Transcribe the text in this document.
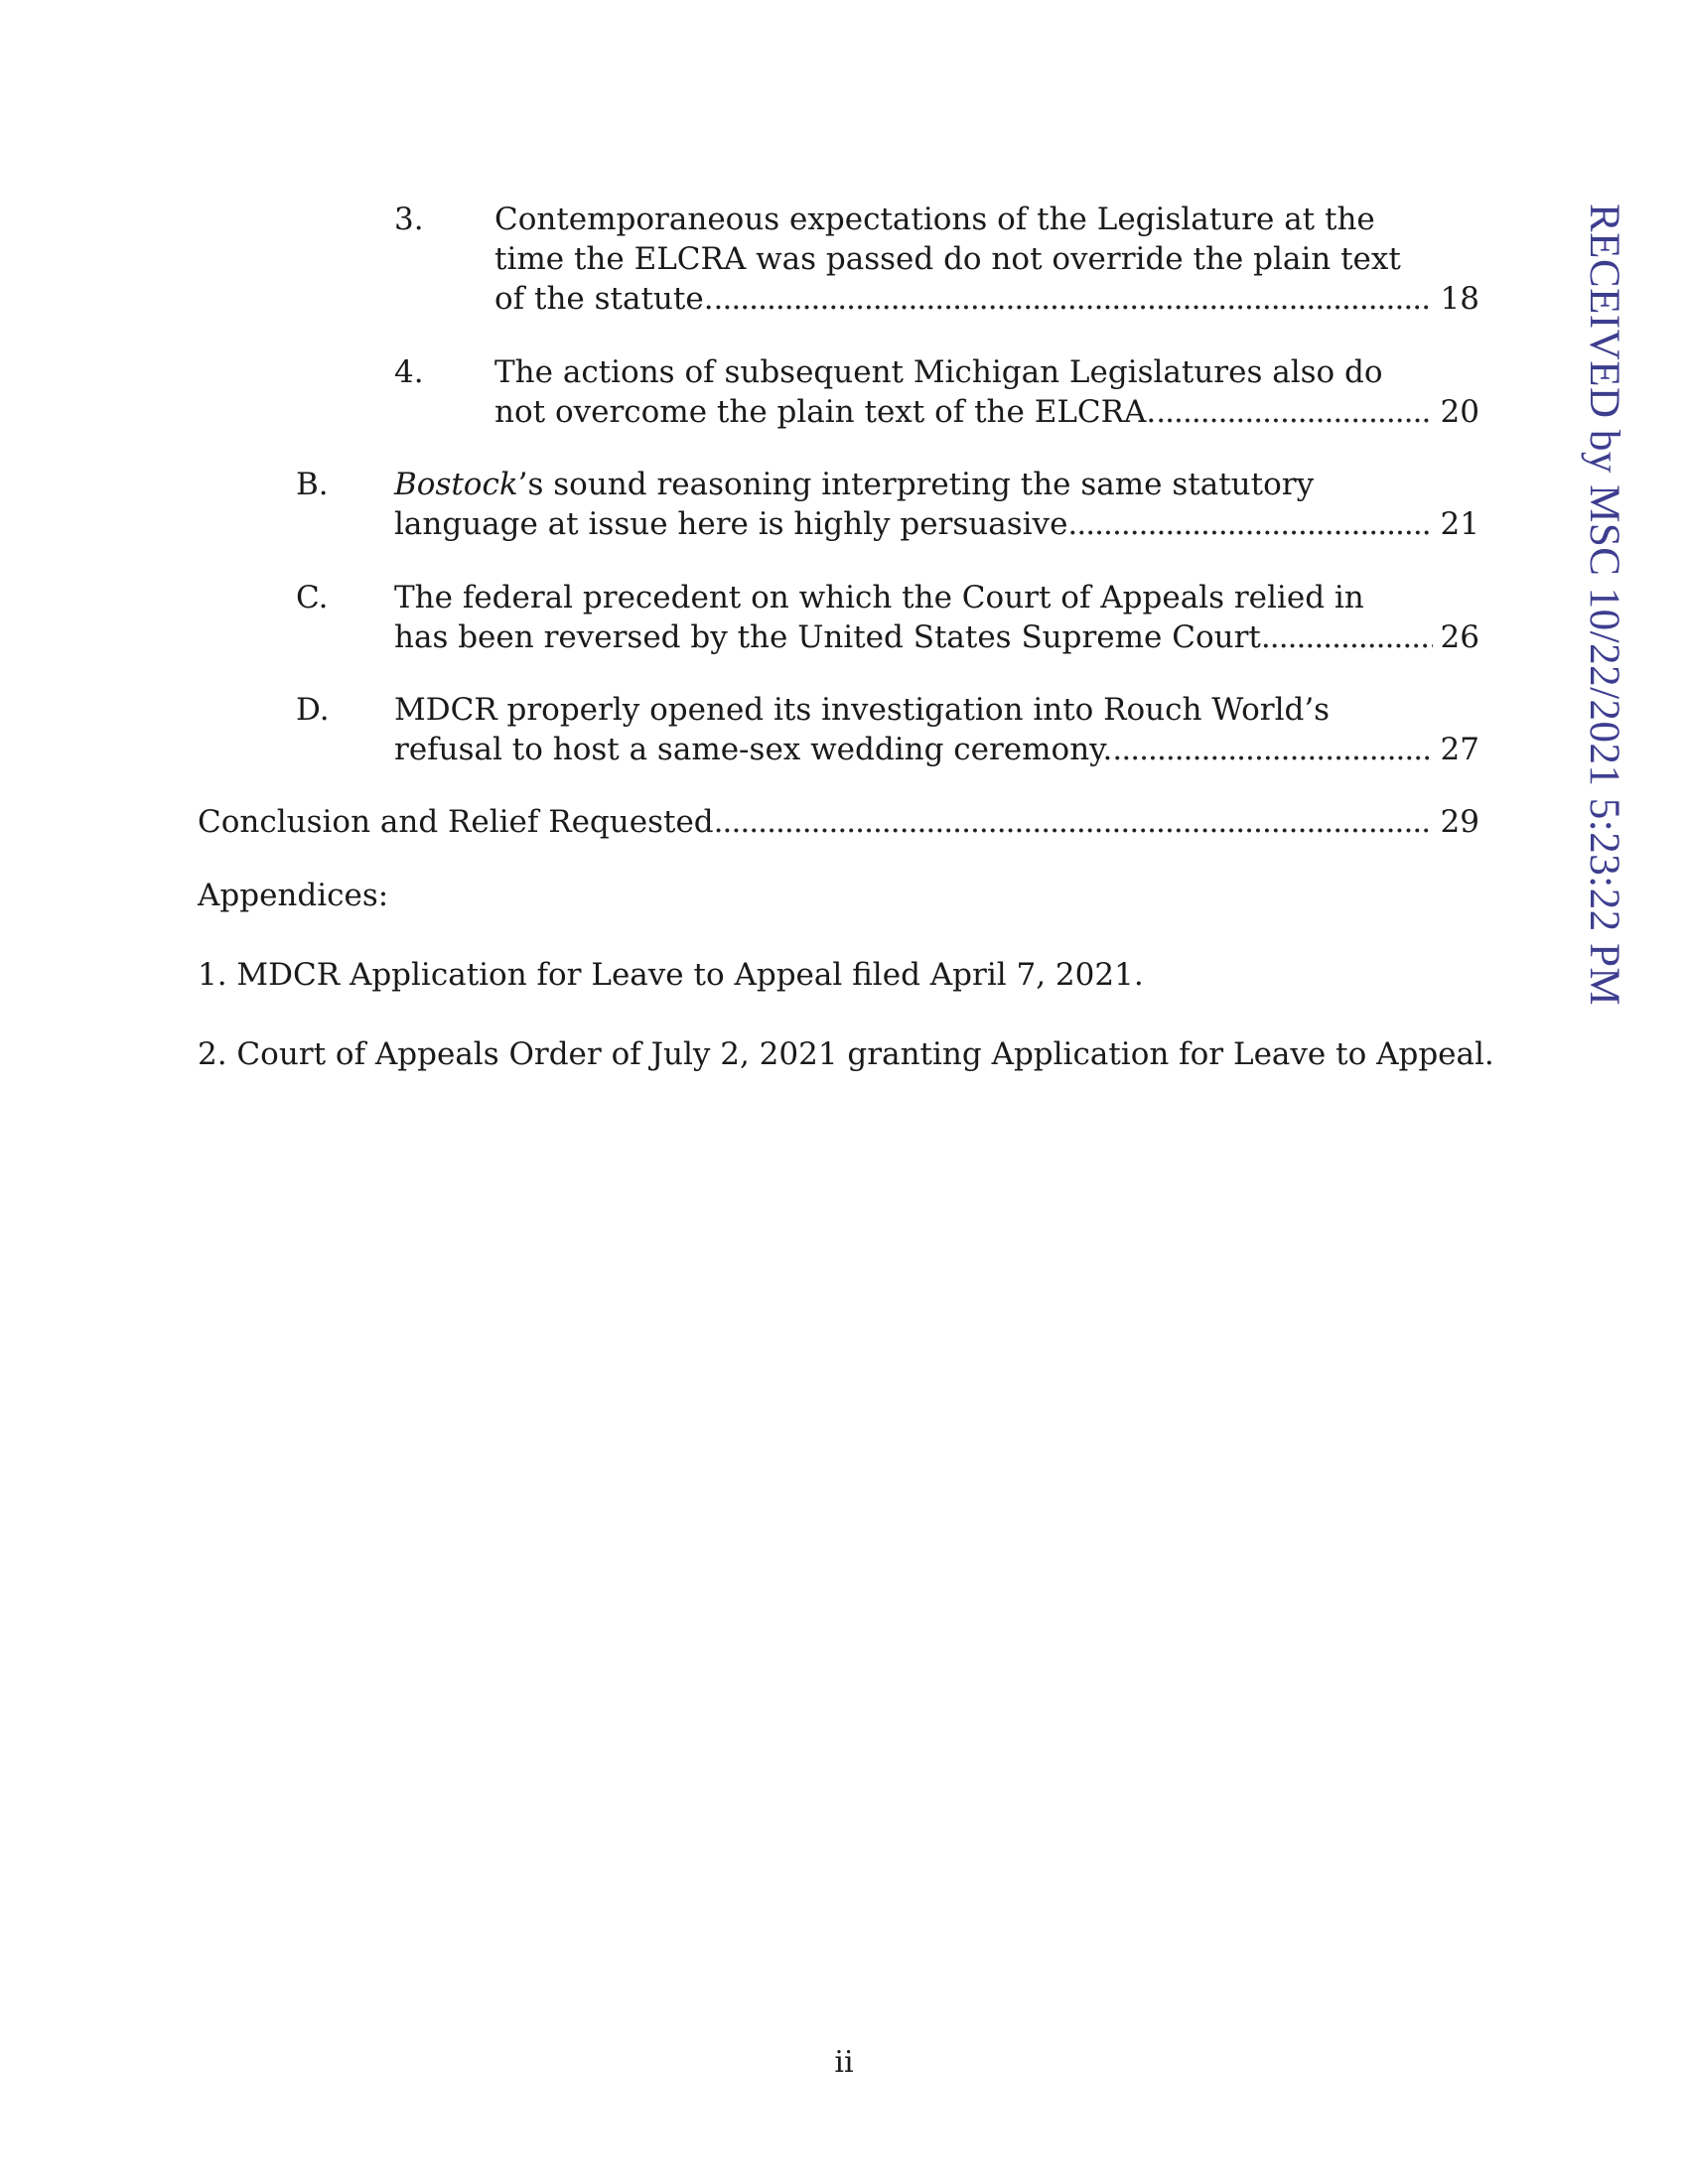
3. Contemporaneous expectations of the Legislature at the
time the ELCRA was passed do not override the plain text
of the statute. . . .	18
4. The actions of subsequent Michigan Legislatures also do
not overcome the plain text of the ELCRA. . . .	20
B. Bostock’s sound reasoning interpreting the same statutory
language at issue here is highly persuasive . . .	21
C. The federal precedent on which the Court of Appeals relied in
has been reversed by the United States Supreme Court . . .	26
D. MDCR properly opened its investigation into Rouch World’s
refusal to host a same-sex wedding ceremony. . . .	27
Conclusion and Relief Requested . . .	29
Appendices:
1. MDCR Application for Leave to Appeal filed April 7, 2021.
2. Court of Appeals Order of July 2, 2021 granting Application for Leave to Appeal.
RECEIVED by MSC 10/22/2021 5:23:22 PM
ii
